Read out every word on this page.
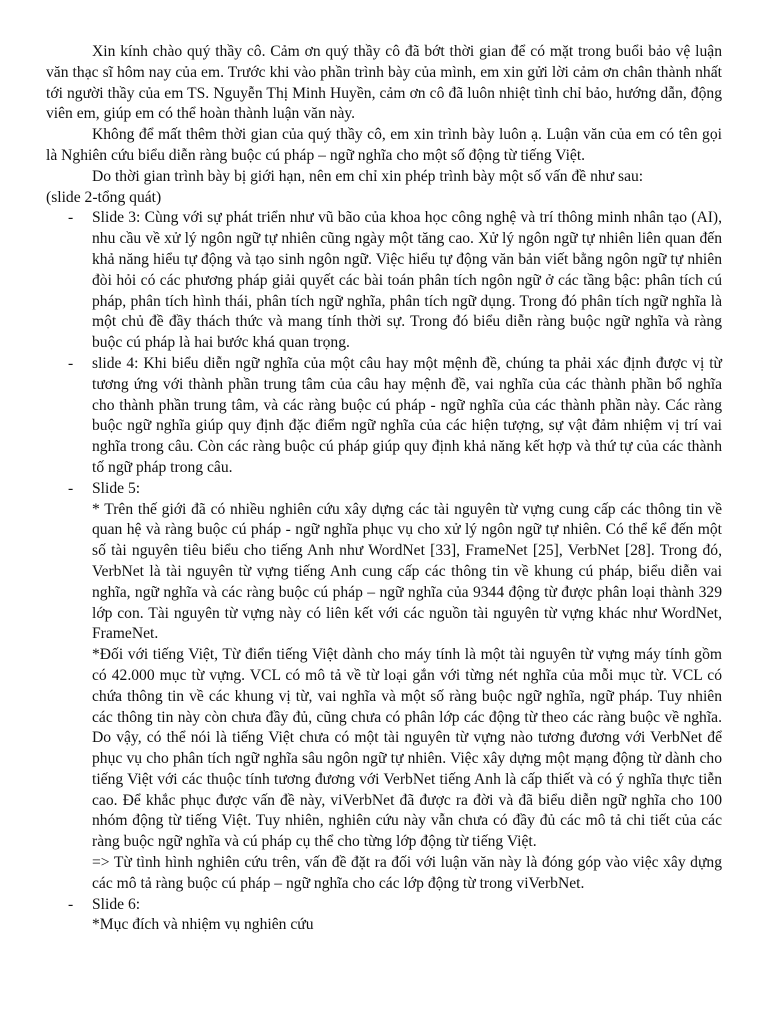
Xin kính chào quý thầy cô. Cảm ơn quý thầy cô đã bớt thời gian để có mặt trong buổi bảo vệ luận văn thạc sĩ hôm nay của em. Trước khi vào phần trình bày của mình, em xin gửi lời cảm ơn chân thành nhất tới người thầy của em TS. Nguyễn Thị Minh Huyền, cảm ơn cô đã luôn nhiệt tình chỉ bảo, hướng dẫn, động viên em, giúp em có thể hoàn thành luận văn này.

Không để mất thêm thời gian của quý thầy cô, em xin trình bày luôn ạ. Luận văn của em có tên gọi là Nghiên cứu biểu diễn ràng buộc cú pháp – ngữ nghĩa cho một số động từ tiếng Việt.

Do thời gian trình bày bị giới hạn, nên em chỉ xin phép trình bày một số vấn đề như sau:

(slide 2-tổng quát)

- Slide 3: Cùng với sự phát triển như vũ bão của khoa học công nghệ và trí thông minh nhân tạo (AI), nhu cầu về xử lý ngôn ngữ tự nhiên cũng ngày một tăng cao. Xử lý ngôn ngữ tự nhiên liên quan đến khả năng hiểu tự động và tạo sinh ngôn ngữ. Việc hiểu tự động văn bản viết bằng ngôn ngữ tự nhiên đòi hỏi có các phương pháp giải quyết các bài toán phân tích ngôn ngữ ở các tầng bậc: phân tích cú pháp, phân tích hình thái, phân tích ngữ nghĩa, phân tích ngữ dụng. Trong đó phân tích ngữ nghĩa là một chủ đề đầy thách thức và mang tính thời sự. Trong đó biểu diễn ràng buộc ngữ nghĩa và ràng buộc cú pháp là hai bước khá quan trọng.

- slide 4: Khi biểu diễn ngữ nghĩa của một câu hay một mệnh đề, chúng ta phải xác định được vị từ tương ứng với thành phần trung tâm của câu hay mệnh đề, vai nghĩa của các thành phần bổ nghĩa cho thành phần trung tâm, và các ràng buộc cú pháp - ngữ nghĩa của các thành phần này. Các ràng buộc ngữ nghĩa giúp quy định đặc điểm ngữ nghĩa của các hiện tượng, sự vật đảm nhiệm vị trí vai nghĩa trong câu. Còn các ràng buộc cú pháp giúp quy định khả năng kết hợp và thứ tự của các thành tố ngữ pháp trong câu.

- Slide 5:

* Trên thế giới đã có nhiều nghiên cứu xây dựng các tài nguyên từ vựng cung cấp các thông tin về quan hệ và ràng buộc cú pháp - ngữ nghĩa phục vụ cho xử lý ngôn ngữ tự nhiên. Có thể kể đến một số tài nguyên tiêu biểu cho tiếng Anh như WordNet [33], FrameNet [25], VerbNet [28]. Trong đó, VerbNet là tài nguyên từ vựng tiếng Anh cung cấp các thông tin về khung cú pháp, biểu diễn vai nghĩa, ngữ nghĩa và các ràng buộc cú pháp – ngữ nghĩa của 9344 động từ được phân loại thành 329 lớp con. Tài nguyên từ vựng này có liên kết với các nguồn tài nguyên từ vựng khác như WordNet, FrameNet.

*Đối với tiếng Việt, Từ điển tiếng Việt dành cho máy tính là một tài nguyên từ vựng máy tính gồm có 42.000 mục từ vựng. VCL có mô tả về từ loại gắn với từng nét nghĩa của mỗi mục từ. VCL có chứa thông tin về các khung vị từ, vai nghĩa và một số ràng buộc ngữ nghĩa, ngữ pháp. Tuy nhiên các thông tin này còn chưa đầy đủ, cũng chưa có phân lớp các động từ theo các ràng buộc về nghĩa. Do vậy, có thể nói là tiếng Việt chưa có một tài nguyên từ vựng nào tương đương với VerbNet để phục vụ cho phân tích ngữ nghĩa sâu ngôn ngữ tự nhiên. Việc xây dựng một mạng động từ dành cho tiếng Việt với các thuộc tính tương đương với VerbNet tiếng Anh là cấp thiết và có ý nghĩa thực tiễn cao. Để khắc phục được vấn đề này, viVerbNet đã được ra đời và đã biểu diễn ngữ nghĩa cho 100 nhóm động từ tiếng Việt. Tuy nhiên, nghiên cứu này vẫn chưa có đầy đủ các mô tả chi tiết của các ràng buộc ngữ nghĩa và cú pháp cụ thể cho từng lớp động từ tiếng Việt.

=> Từ tình hình nghiên cứu trên, vấn đề đặt ra đối với luận văn này là đóng góp vào việc xây dựng các mô tả ràng buộc cú pháp – ngữ nghĩa cho các lớp động từ trong viVerbNet.

- Slide 6:

*Mục đích và nhiệm vụ nghiên cứu
